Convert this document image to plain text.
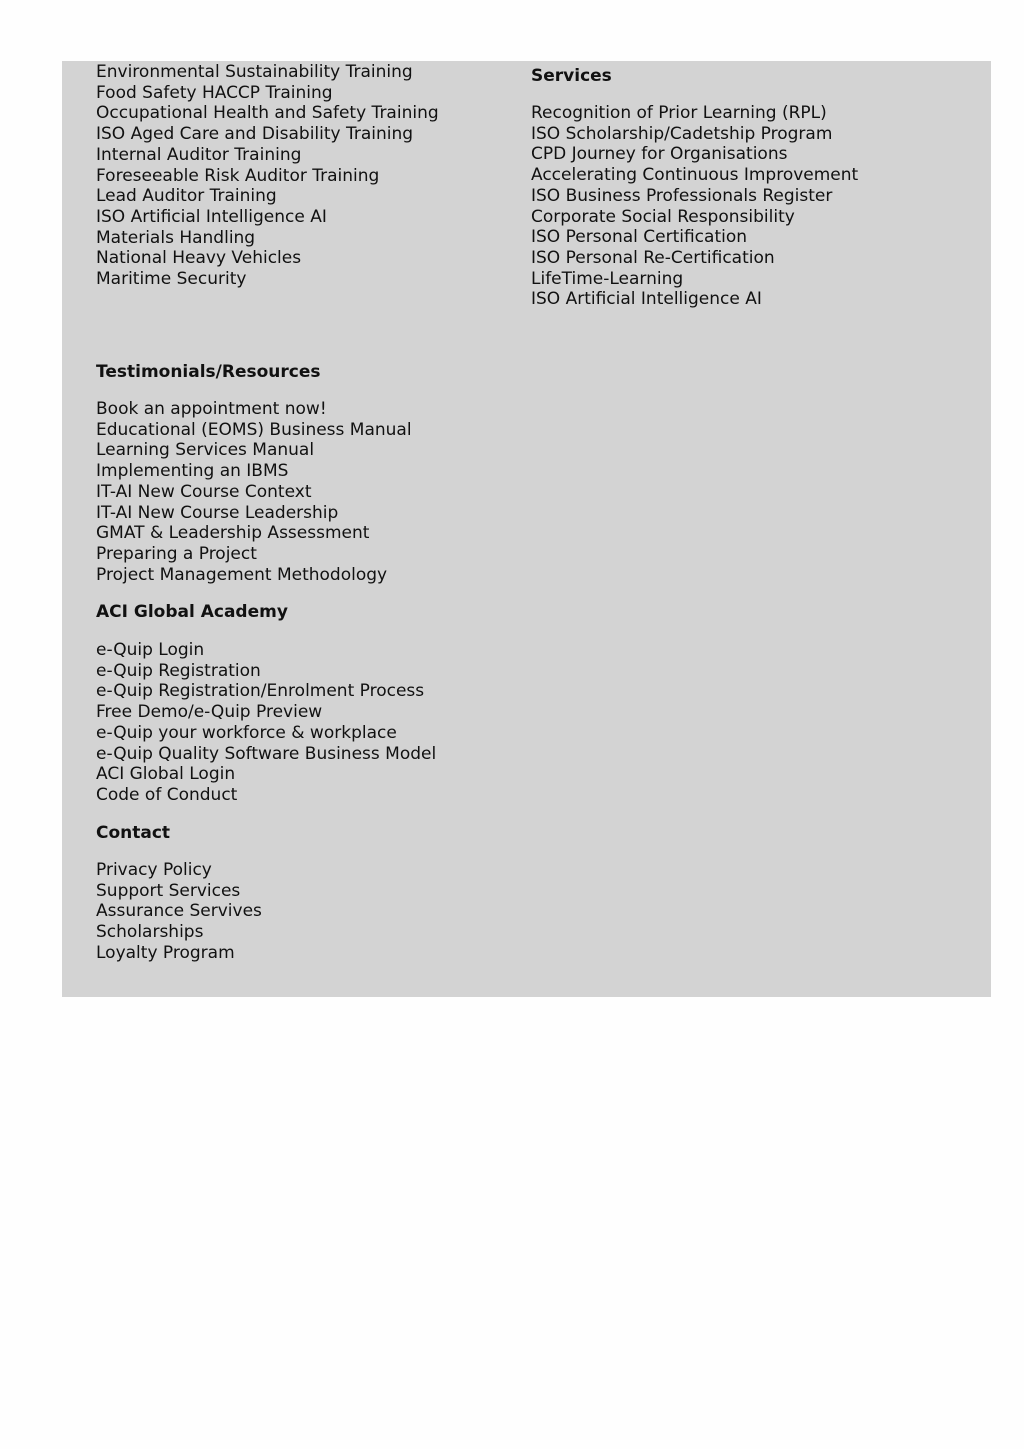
Environmental Sustainability Training
Food Safety HACCP Training
Occupational Health and Safety Training
ISO Aged Care and Disability Training
Internal Auditor Training
Foreseeable Risk Auditor Training
Lead Auditor Training
ISO Artificial Intelligence AI
Materials Handling
National Heavy Vehicles
Maritime Security
Testimonials/Resources
Book an appointment now!
Educational (EOMS) Business Manual
Learning Services Manual
Implementing an IBMS
IT-AI New Course Context
IT-AI New Course Leadership
GMAT & Leadership Assessment
Preparing a Project
Project Management Methodology
ACI Global Academy
e-Quip Login
e-Quip Registration
e-Quip Registration/Enrolment Process
Free Demo/e-Quip Preview
e-Quip your workforce & workplace
e-Quip Quality Software Business Model
ACI Global Login
Code of Conduct
Contact
Privacy Policy
Support Services
Assurance Servives
Scholarships
Loyalty Program
Services
Recognition of Prior Learning (RPL)
ISO Scholarship/Cadetship Program
CPD Journey for Organisations
Accelerating Continuous Improvement
ISO Business Professionals Register
Corporate Social Responsibility
ISO Personal Certification
ISO Personal Re-Certification
LifeTime-Learning
ISO Artificial Intelligence AI
